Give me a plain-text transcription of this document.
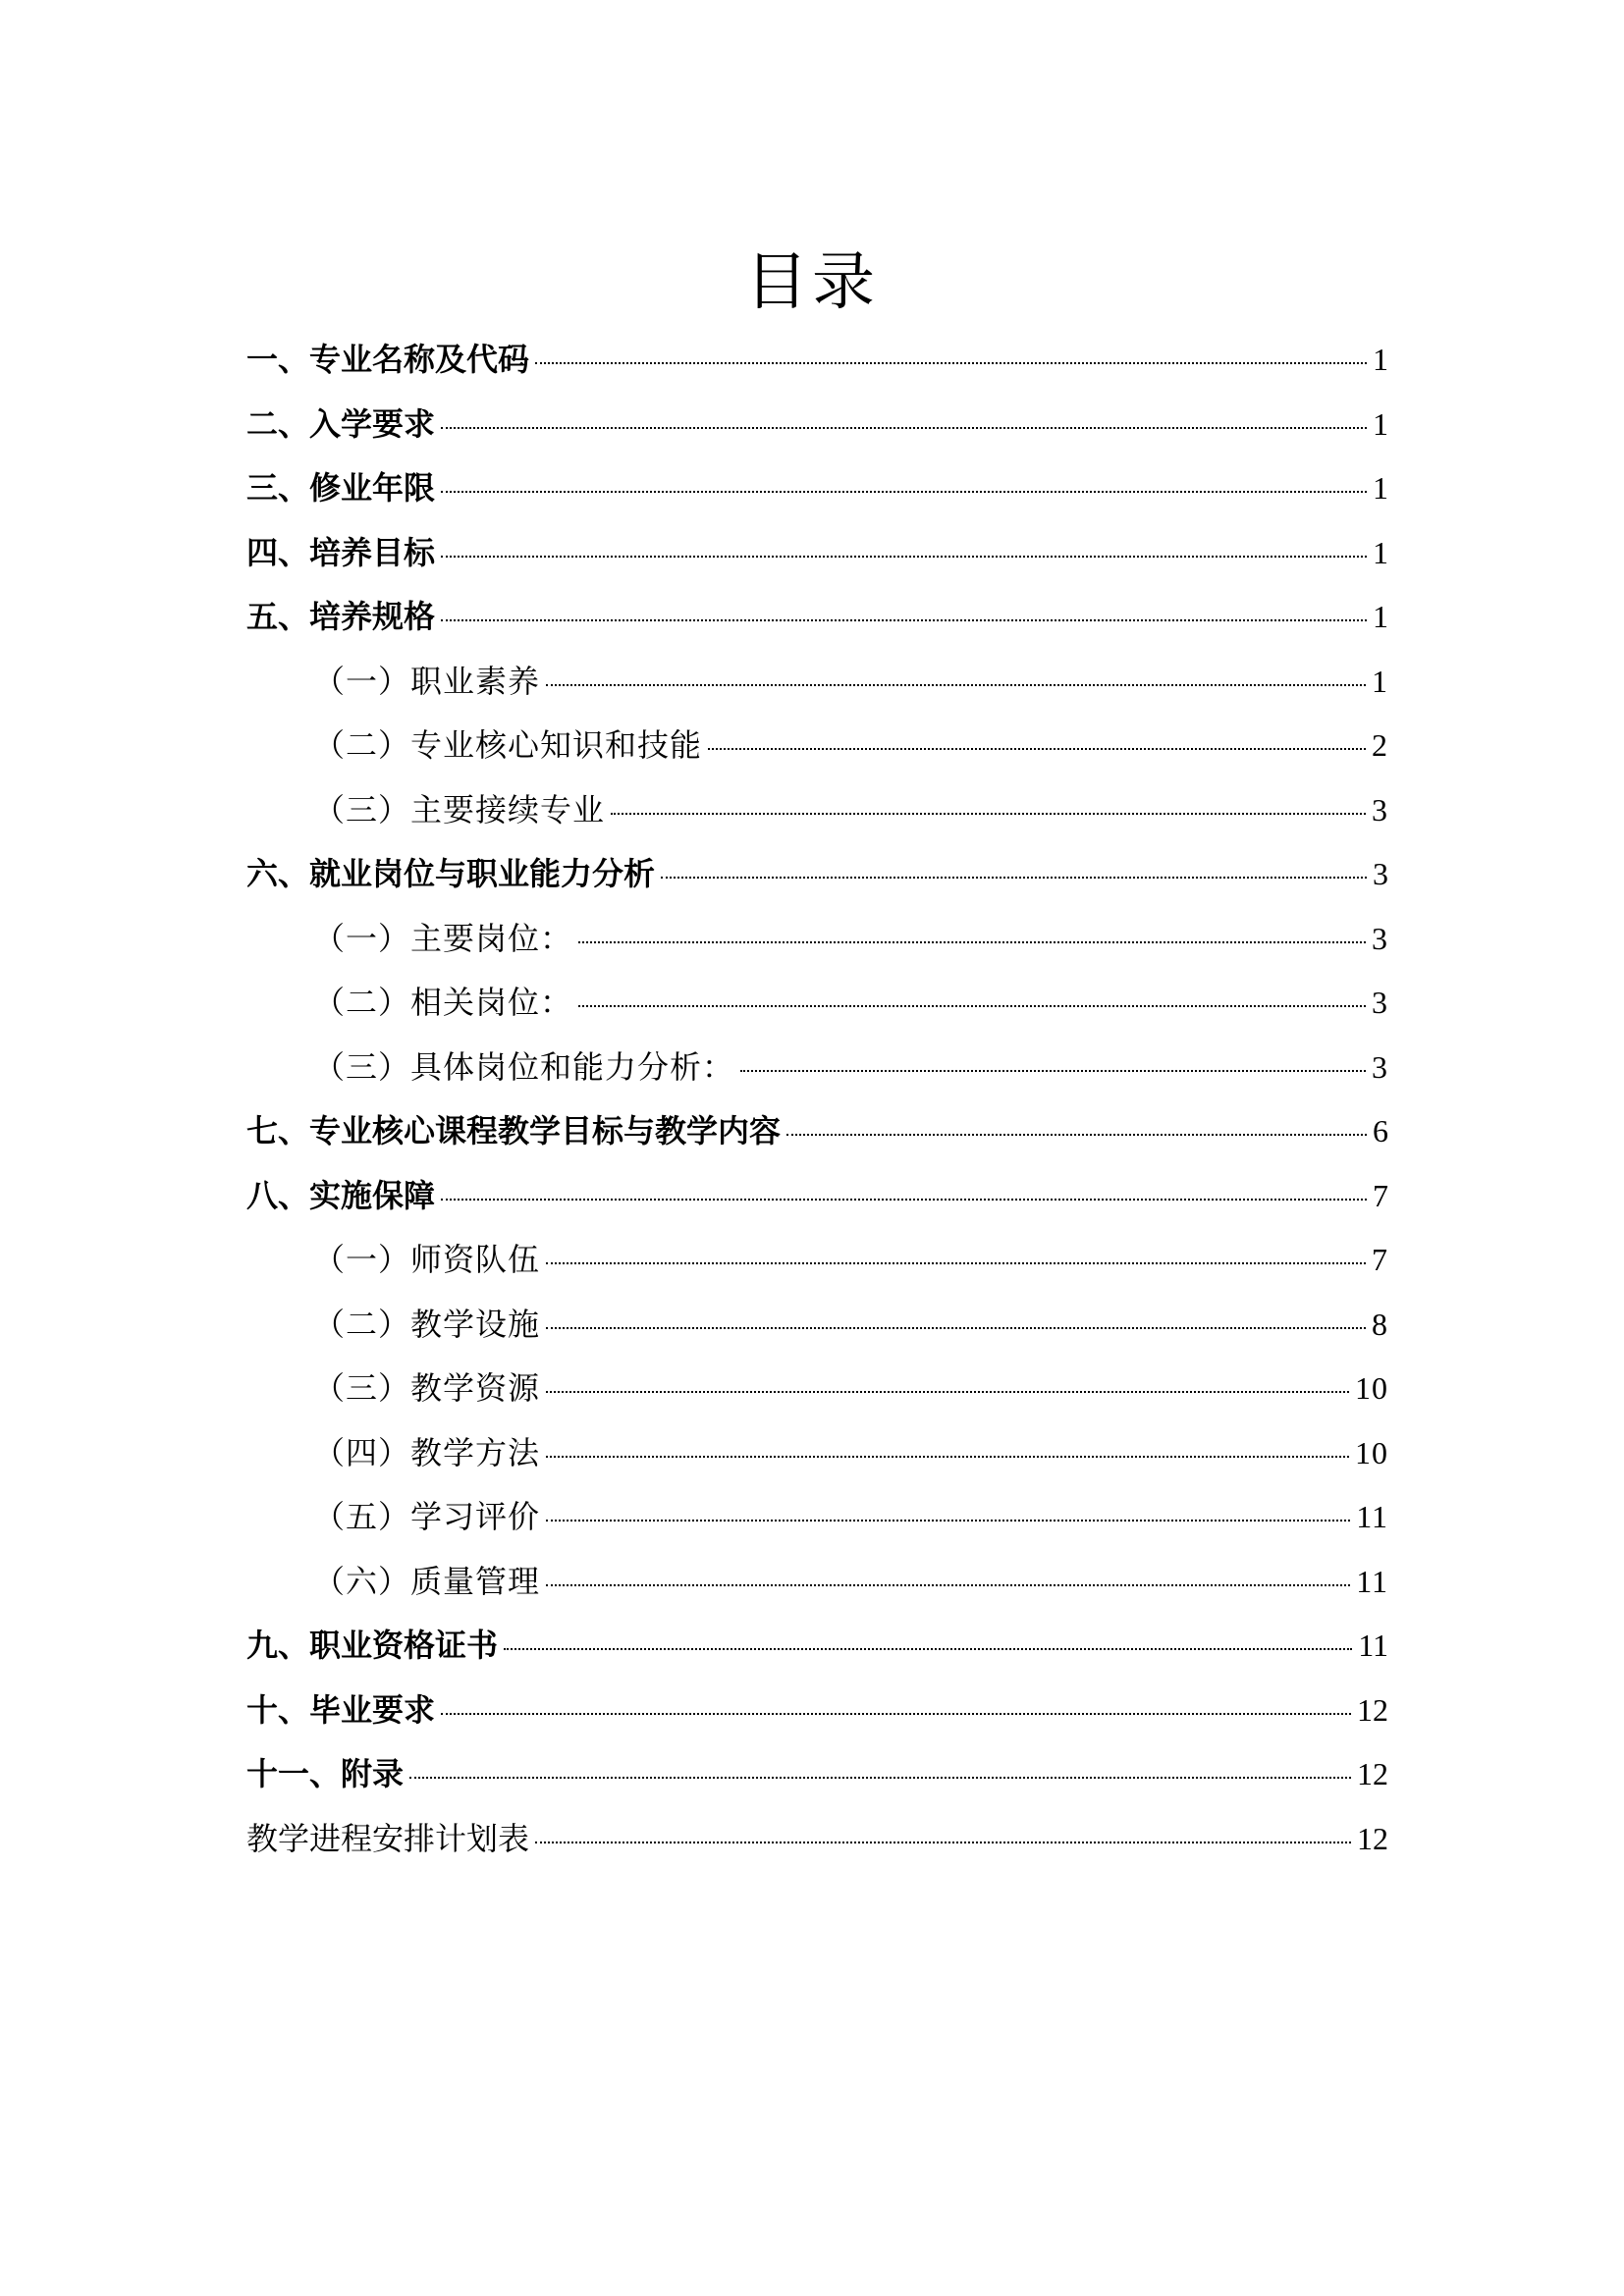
目录
一、专业名称及代码	1
二、入学要求	1
三、修业年限	1
四、培养目标	1
五、培养规格	1
（一）职业素养	1
（二）专业核心知识和技能	2
（三）主要接续专业	3
六、就业岗位与职业能力分析	3
（一）主要岗位：	3
（二）相关岗位：	3
（三）具体岗位和能力分析：	3
七、专业核心课程教学目标与教学内容	6
八、实施保障	7
（一）师资队伍	7
（二）教学设施	8
（三）教学资源	10
（四）教学方法	10
（五）学习评价	11
（六）质量管理	11
九、职业资格证书	11
十、毕业要求	12
十一、附录	12
教学进程安排计划表	12
